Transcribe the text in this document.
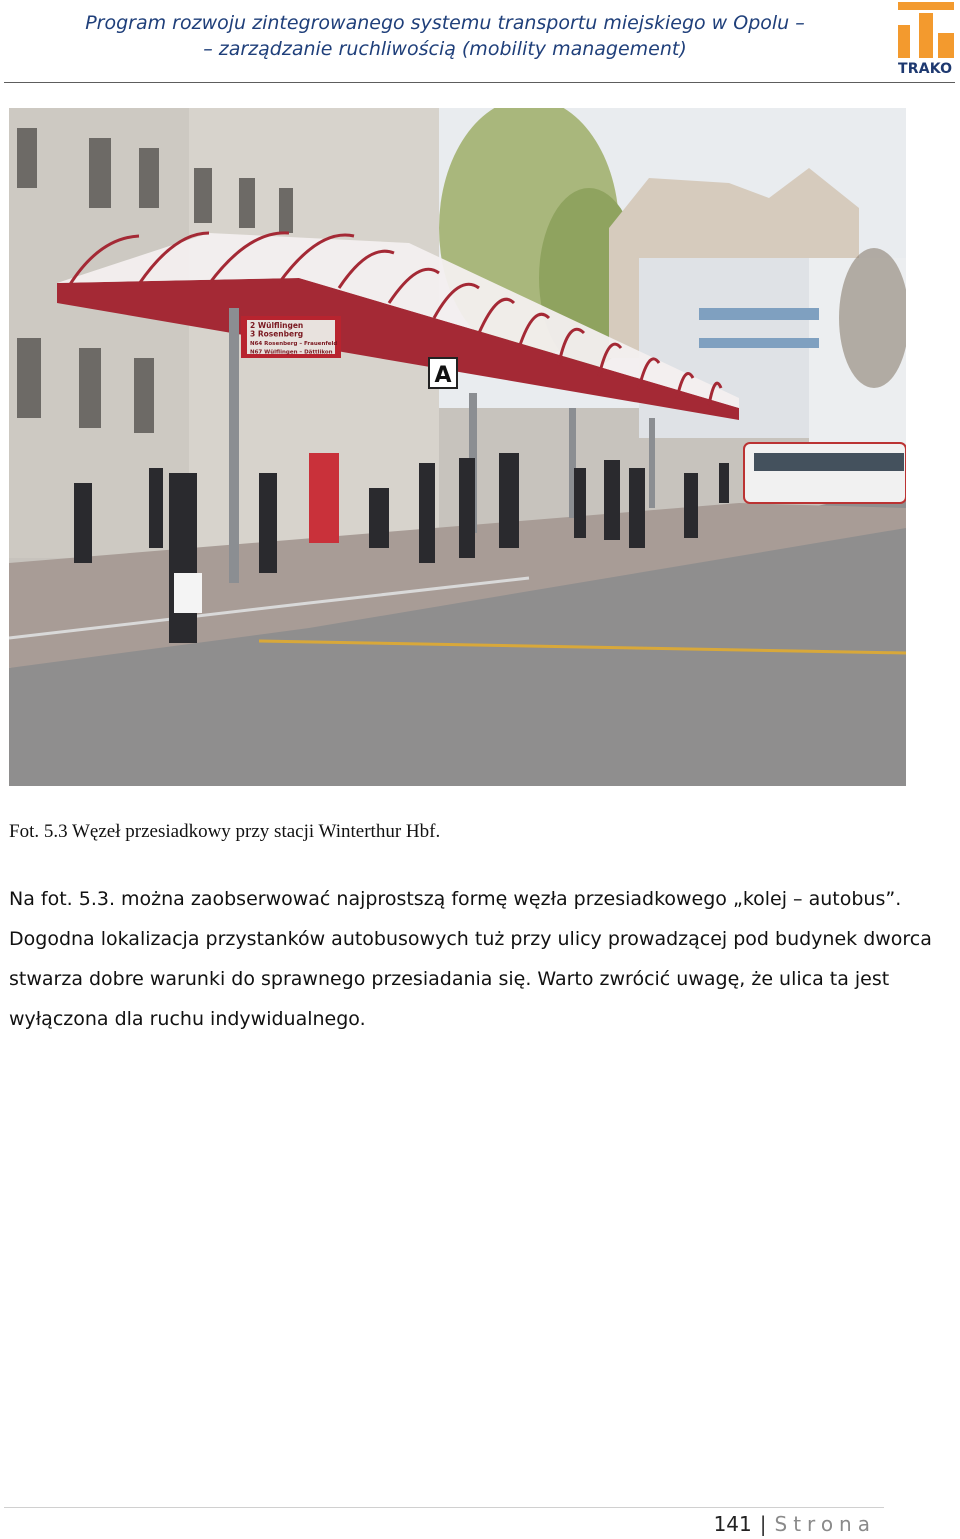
Program rozwoju zintegrowanego systemu transportu miejskiego w Opolu –
– zarządzanie ruchliwością (mobility management)
TRAKO
A
2 Wülflingen
3 Rosenberg
N64 Rosenberg – Frauenfeld
N67 Wülflingen – Dättlikon
Fot. 5.3 Węzeł przesiadkowy przy stacji Winterthur Hbf.
Na fot. 5.3. można zaobserwować najprostszą formę węzła przesiadkowego „kolej – autobus”.
Dogodna lokalizacja przystanków autobusowych tuż przy ulicy prowadzącej pod budynek dworca
stwarza dobre warunki do sprawnego przesiadania się. Warto zwrócić uwagę, że ulica ta jest
wyłączona dla ruchu indywidualnego.
141 | Strona
